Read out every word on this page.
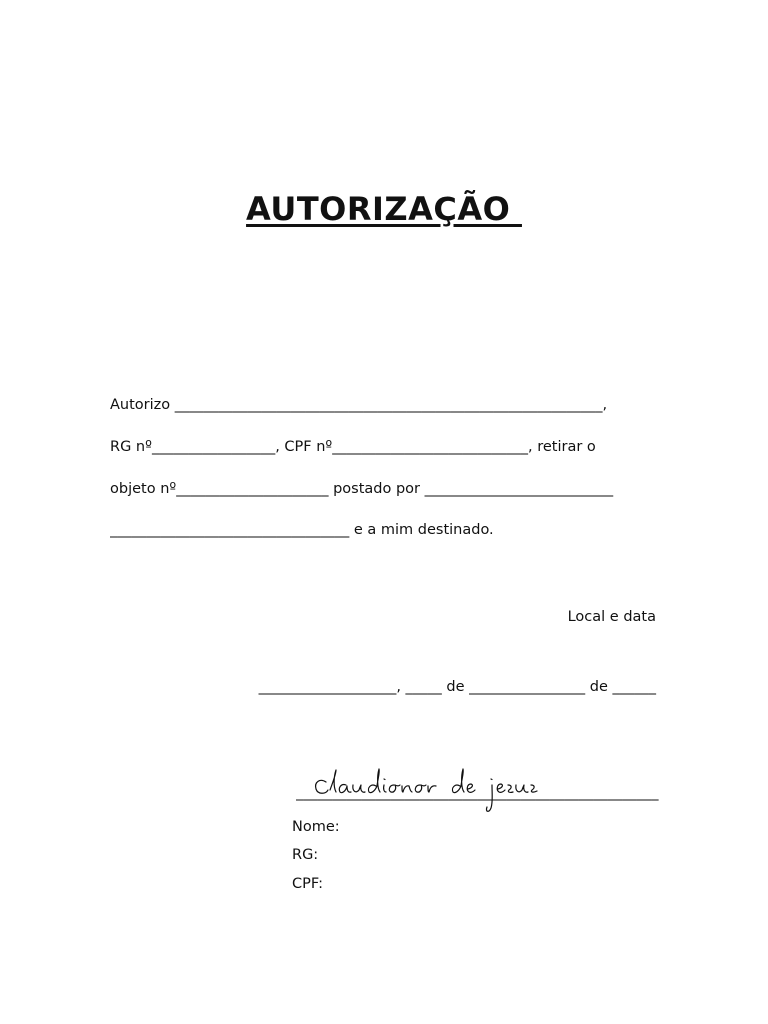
AUTORIZAÇÃO
Autorizo ___________________________________________________________,
RG nº_________________, CPF nº___________________________, retirar o
objeto nº_____________________ postado por __________________________
_________________________________ e a mim destinado.
Local e data
___________________, _____ de ________________ de ______
__________________________________________________
Nome:
RG:
CPF:
